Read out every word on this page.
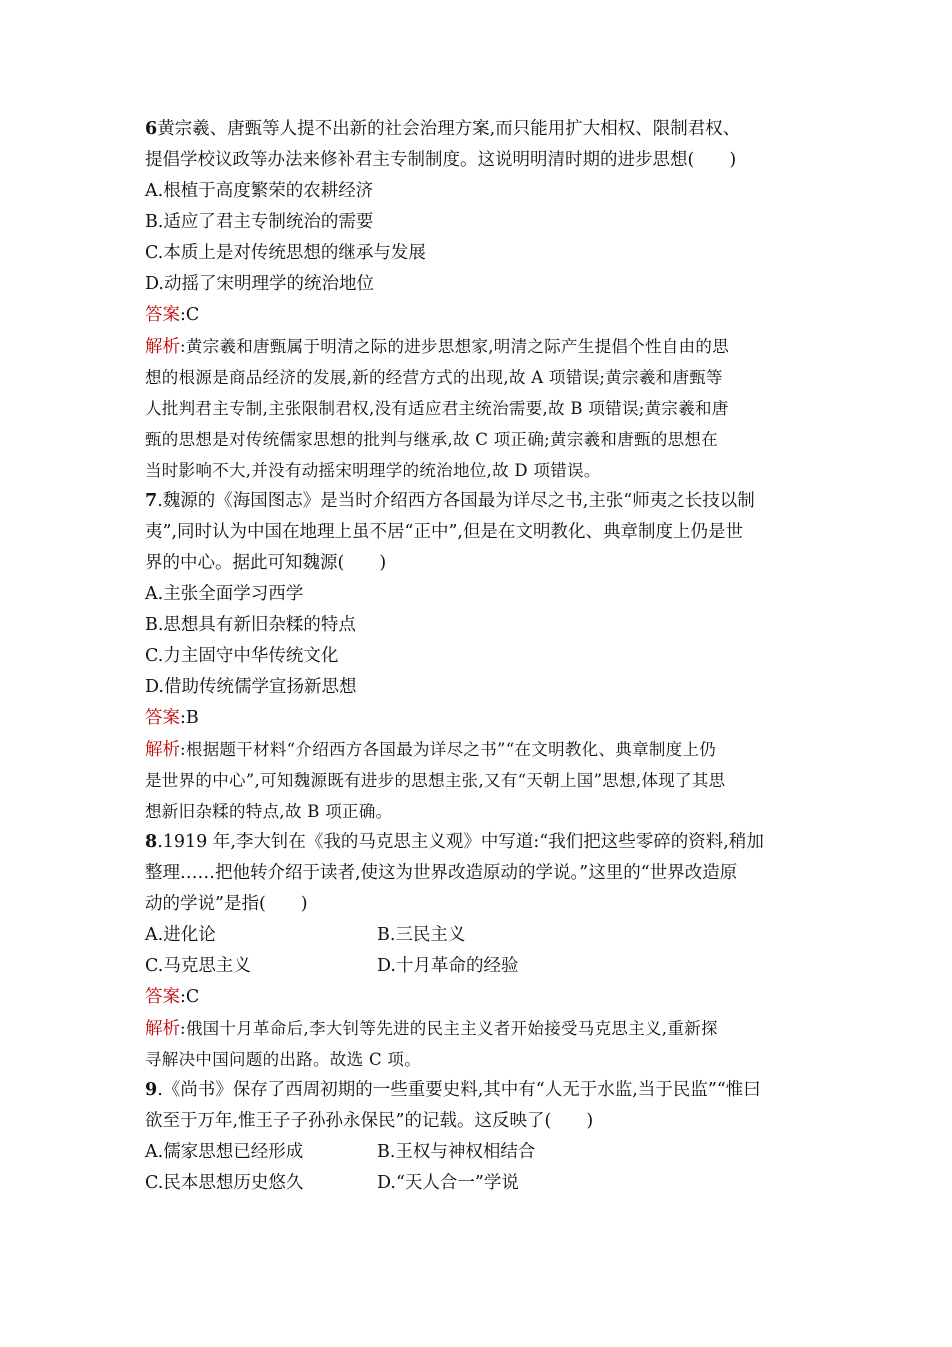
6黄宗羲、唐甄等人提不出新的社会治理方案,而只能用扩大相权、限制君权、
提倡学校议政等办法来修补君主专制制度。这说明明清时期的进步思想(　　)
A.根植于高度繁荣的农耕经济
B.适应了君主专制统治的需要
C.本质上是对传统思想的继承与发展
D.动摇了宋明理学的统治地位
答案:C
解析:黄宗羲和唐甄属于明清之际的进步思想家,明清之际产生提倡个性自由的思
想的根源是商品经济的发展,新的经营方式的出现,故 A 项错误;黄宗羲和唐甄等
人批判君主专制,主张限制君权,没有适应君主统治需要,故 B 项错误;黄宗羲和唐
甄的思想是对传统儒家思想的批判与继承,故 C 项正确;黄宗羲和唐甄的思想在
当时影响不大,并没有动摇宋明理学的统治地位,故 D 项错误。
7.魏源的《海国图志》是当时介绍西方各国最为详尽之书,主张“师夷之长技以制
夷”,同时认为中国在地理上虽不居“正中”,但是在文明教化、典章制度上仍是世
界的中心。据此可知魏源(　　)
A.主张全面学习西学
B.思想具有新旧杂糅的特点
C.力主固守中华传统文化
D.借助传统儒学宣扬新思想
答案:B
解析:根据题干材料“介绍西方各国最为详尽之书”“在文明教化、典章制度上仍
是世界的中心”,可知魏源既有进步的思想主张,又有“天朝上国”思想,体现了其思
想新旧杂糅的特点,故 B 项正确。
8.1919 年,李大钊在《我的马克思主义观》中写道:“我们把这些零碎的资料,稍加
整理……把他转介绍于读者,使这为世界改造原动的学说。”这里的“世界改造原
动的学说”是指(　　)
A.进化论	B.三民主义
C.马克思主义	D.十月革命的经验
答案:C
解析:俄国十月革命后,李大钊等先进的民主主义者开始接受马克思主义,重新探
寻解决中国问题的出路。故选 C 项。
9.《尚书》保存了西周初期的一些重要史料,其中有“人无于水监,当于民监”“惟曰
欲至于万年,惟王子子孙孙永保民”的记载。这反映了(　　)
A.儒家思想已经形成	B.王权与神权相结合
C.民本思想历史悠久	D.“天人合一”学说
